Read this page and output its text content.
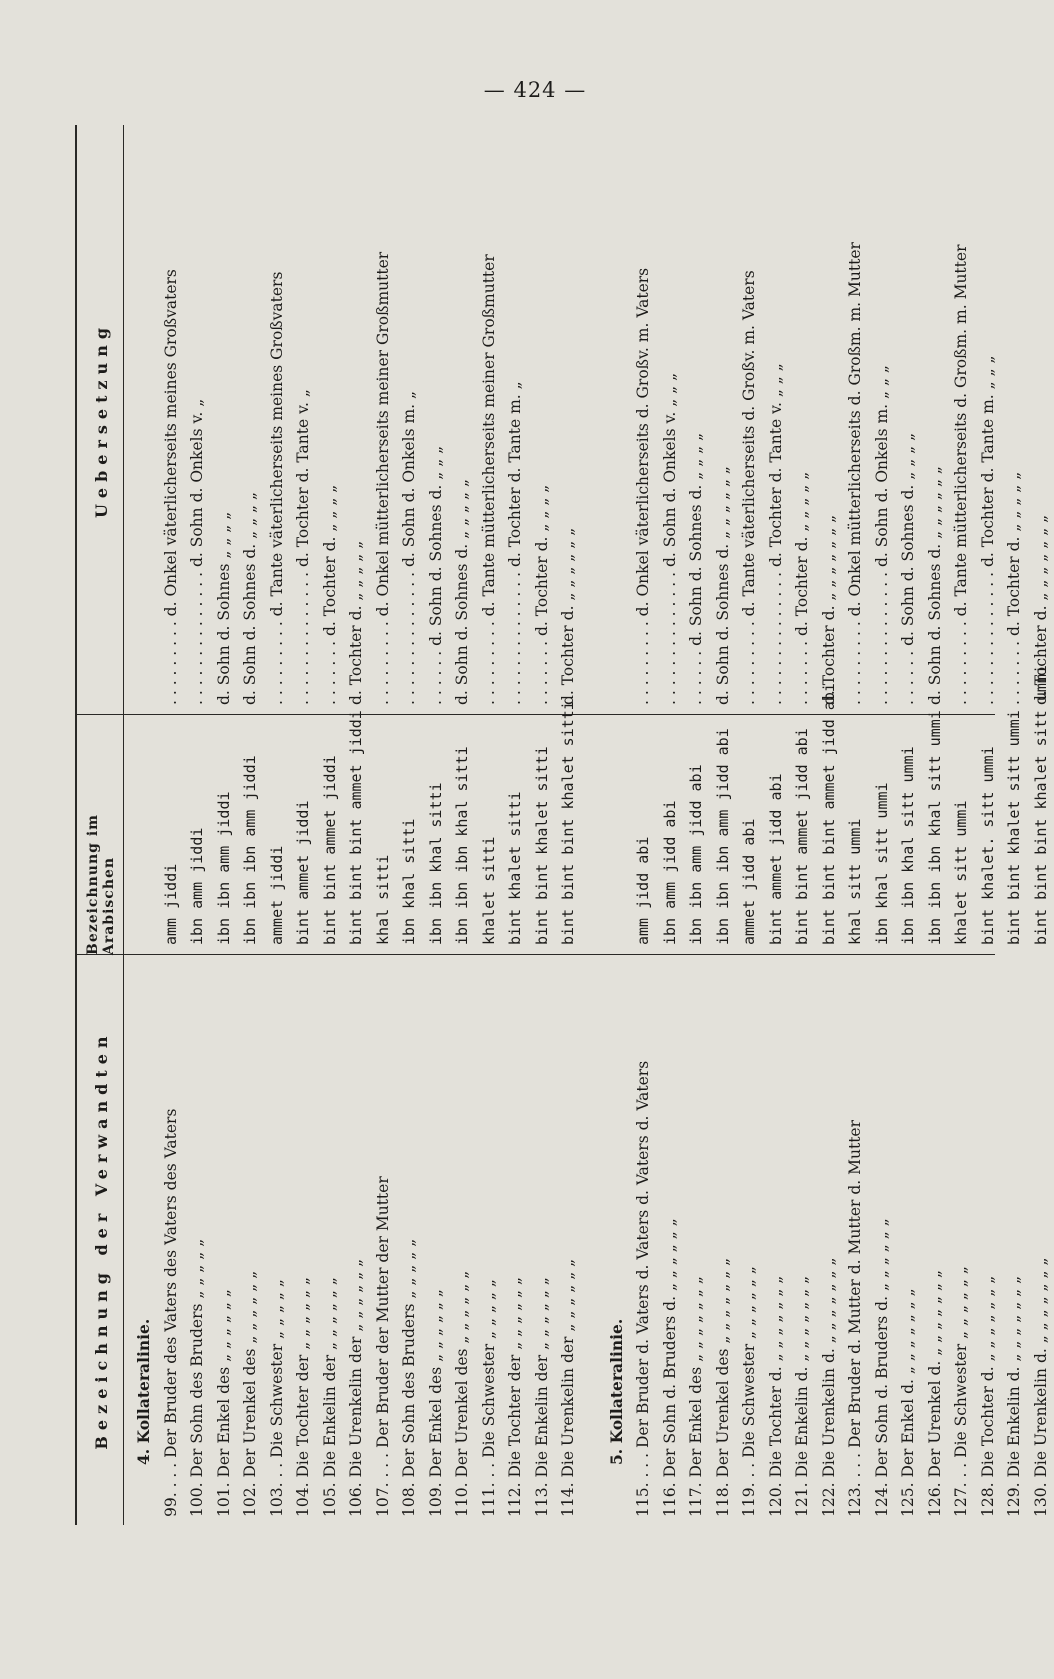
— 424 —
Bezeichnung der Verwandten
Bezeichnung im Arabischen
Uebersetzung
4. Kollateralinie. 99. . . . Der Bruder des Vaters des Vaters des Vaters
amm jiddi
. . . . . . . . . d. Onkel väterlicherseits meines Großvaters
100. Der Sohn des Bruders „ „ „ „ „
ibn amm jiddi
. . . . . . . . . . . . . . d. Sohn d. Onkels v. „
101. Der Enkel des „ „ „ „ „ „
ibn ibn amm jiddi
d. Sohn d. Sohnes „ „ „ „
102. Der Urenkel des „ „ „ „ „ „
ibn ibn ibn amm jiddi
d. Sohn d. Sohnes d. „ „ „ „
103. . . Die Schwester „ „ „ „ „
ammet jiddi
. . . . . . . . . d. Tante väterlicherseits meines Großvaters
104. Die Tochter der „ „ „ „ „ „
bint ammet jiddi
. . . . . . . . . . . . . . d. Tochter d. Tante v. „
105. Die Enkelin der „ „ „ „ „ „
bint bint ammet jiddi
. . . . . . . d. Tochter d. „ „ „ „
106. Die Urenkelin der „ „ „ „ „ „
bint bint bint ammet jiddi
d. Tochter d. „ „ „ „ „
107. . . . Der Bruder der Mutter der Mutter
khal sitti
. . . . . . . . . d. Onkel mütterlicherseits meiner Großmutter
108. Der Sohn des Bruders „ „ „ „ „
ibn khal sitti
. . . . . . . . . . . . . . d. Sohn d. Onkels m. „
109. Der Enkel des „ „ „ „ „ „
ibn ibn khal sitti
. . . . . . d. Sohn d. Sohnes d. „ „ „
110. Der Urenkel des „ „ „ „ „ „
ibn ibn ibn khal sitti
d. Sohn d. Sohnes d. „ „ „ „ „
111. . . Die Schwester „ „ „ „ „
khalet sitti
. . . . . . . . . d. Tante mütterlicherseits meiner Großmutter
112. Die Tochter der „ „ „ „ „ „
bint khalet sitti
. . . . . . . . . . . . . . d. Tochter d. Tante m. „
113. Die Enkelin der „ „ „ „ „ „
bint bint khalet sitti
. . . . . . . d. Tochter d. „ „ „ „
114. Die Urenkelin der „ „ „ „ „ „
bint bint bint khalet sitti
d. Tochter d. „ „ „ „ „ „
5. Kollateralinie. 115. . . . Der Bruder d. Vaters d. Vaters d. Vaters d. Vaters
amm jidd abi
. . . . . . . . . d. Onkel väterlicherseits d. Großv. m. Vaters
116. Der Sohn d. Bruders d. „ „ „ „ „ „
ibn amm jidd abi
. . . . . . . . . . . . . . d. Sohn d. Onkels v. „ „ „
117. Der Enkel des „ „ „ „ „ „ „
ibn ibn amm jidd abi
. . . . . . d. Sohn d. Sohnes d. „ „ „ „
118. Der Urenkel des „ „ „ „ „ „ „
ibn ibn ibn amm jidd abi
d. Sohn d. Sohnes d. „ „ „ „ „ „
119. . . Die Schwester „ „ „ „ „ „
ammet jidd abi
. . . . . . . . . d. Tante väterlicherseits d. Großv. m. Vaters
120. Die Tochter d. „ „ „ „ „ „ „
bint ammet jidd abi
. . . . . . . . . . . . . . d. Tochter d. Tante v. „ „ „
121. Die Enkelin d. „ „ „ „ „ „ „
bint bint ammet jidd abi
. . . . . . . d. Tochter d. „ „ „ „ „
122. Die Urenkelin d. „ „ „ „ „ „ „
bint bint bint ammet jidd abi
d. Tochter d. „ „ „ „ „ „ „
123. . . . Der Bruder d. Mutter d. Mutter d. Mutter
khal sitt ummi
. . . . . . . . . d. Onkel mütterlicherseits d. Großm. m. Mutter
124. Der Sohn d. Bruders d. „ „ „ „ „ „
ibn khal sitt ummi
. . . . . . . . . . . . . . d. Sohn d. Onkels m. „ „ „
125. Der Enkel d. „ „ „ „ „ „ „
ibn ibn khal sitt ummi
. . . . . . d. Sohn d. Sohnes d. „ „ „ „
126. Der Urenkel d. „ „ „ „ „ „ „
ibn ibn ibn khal sitt ummi
d. Sohn d. Sohnes d. „ „ „ „ „ „
127. . . Die Schwester „ „ „ „ „ „
khalet sitt ummi
. . . . . . . . . d. Tante mütterlicherseits d. Großm. m. Mutter
128. Die Tochter d. „ „ „ „ „ „ „
bint khalet. sitt ummi
. . . . . . . . . . . . . . d. Tochter d. Tante m. „ „ „
129. Die Enkelin d. „ „ „ „ „ „ „
bint bint khalet sitt ummi
. . . . . . . d. Tochter d. „ „ „ „ „
130. Die Urenkelin d. „ „ „ „ „ „ „
bint bint bint khalet sitt ummi
d. Tochter d. „ „ „ „ „ „ „
